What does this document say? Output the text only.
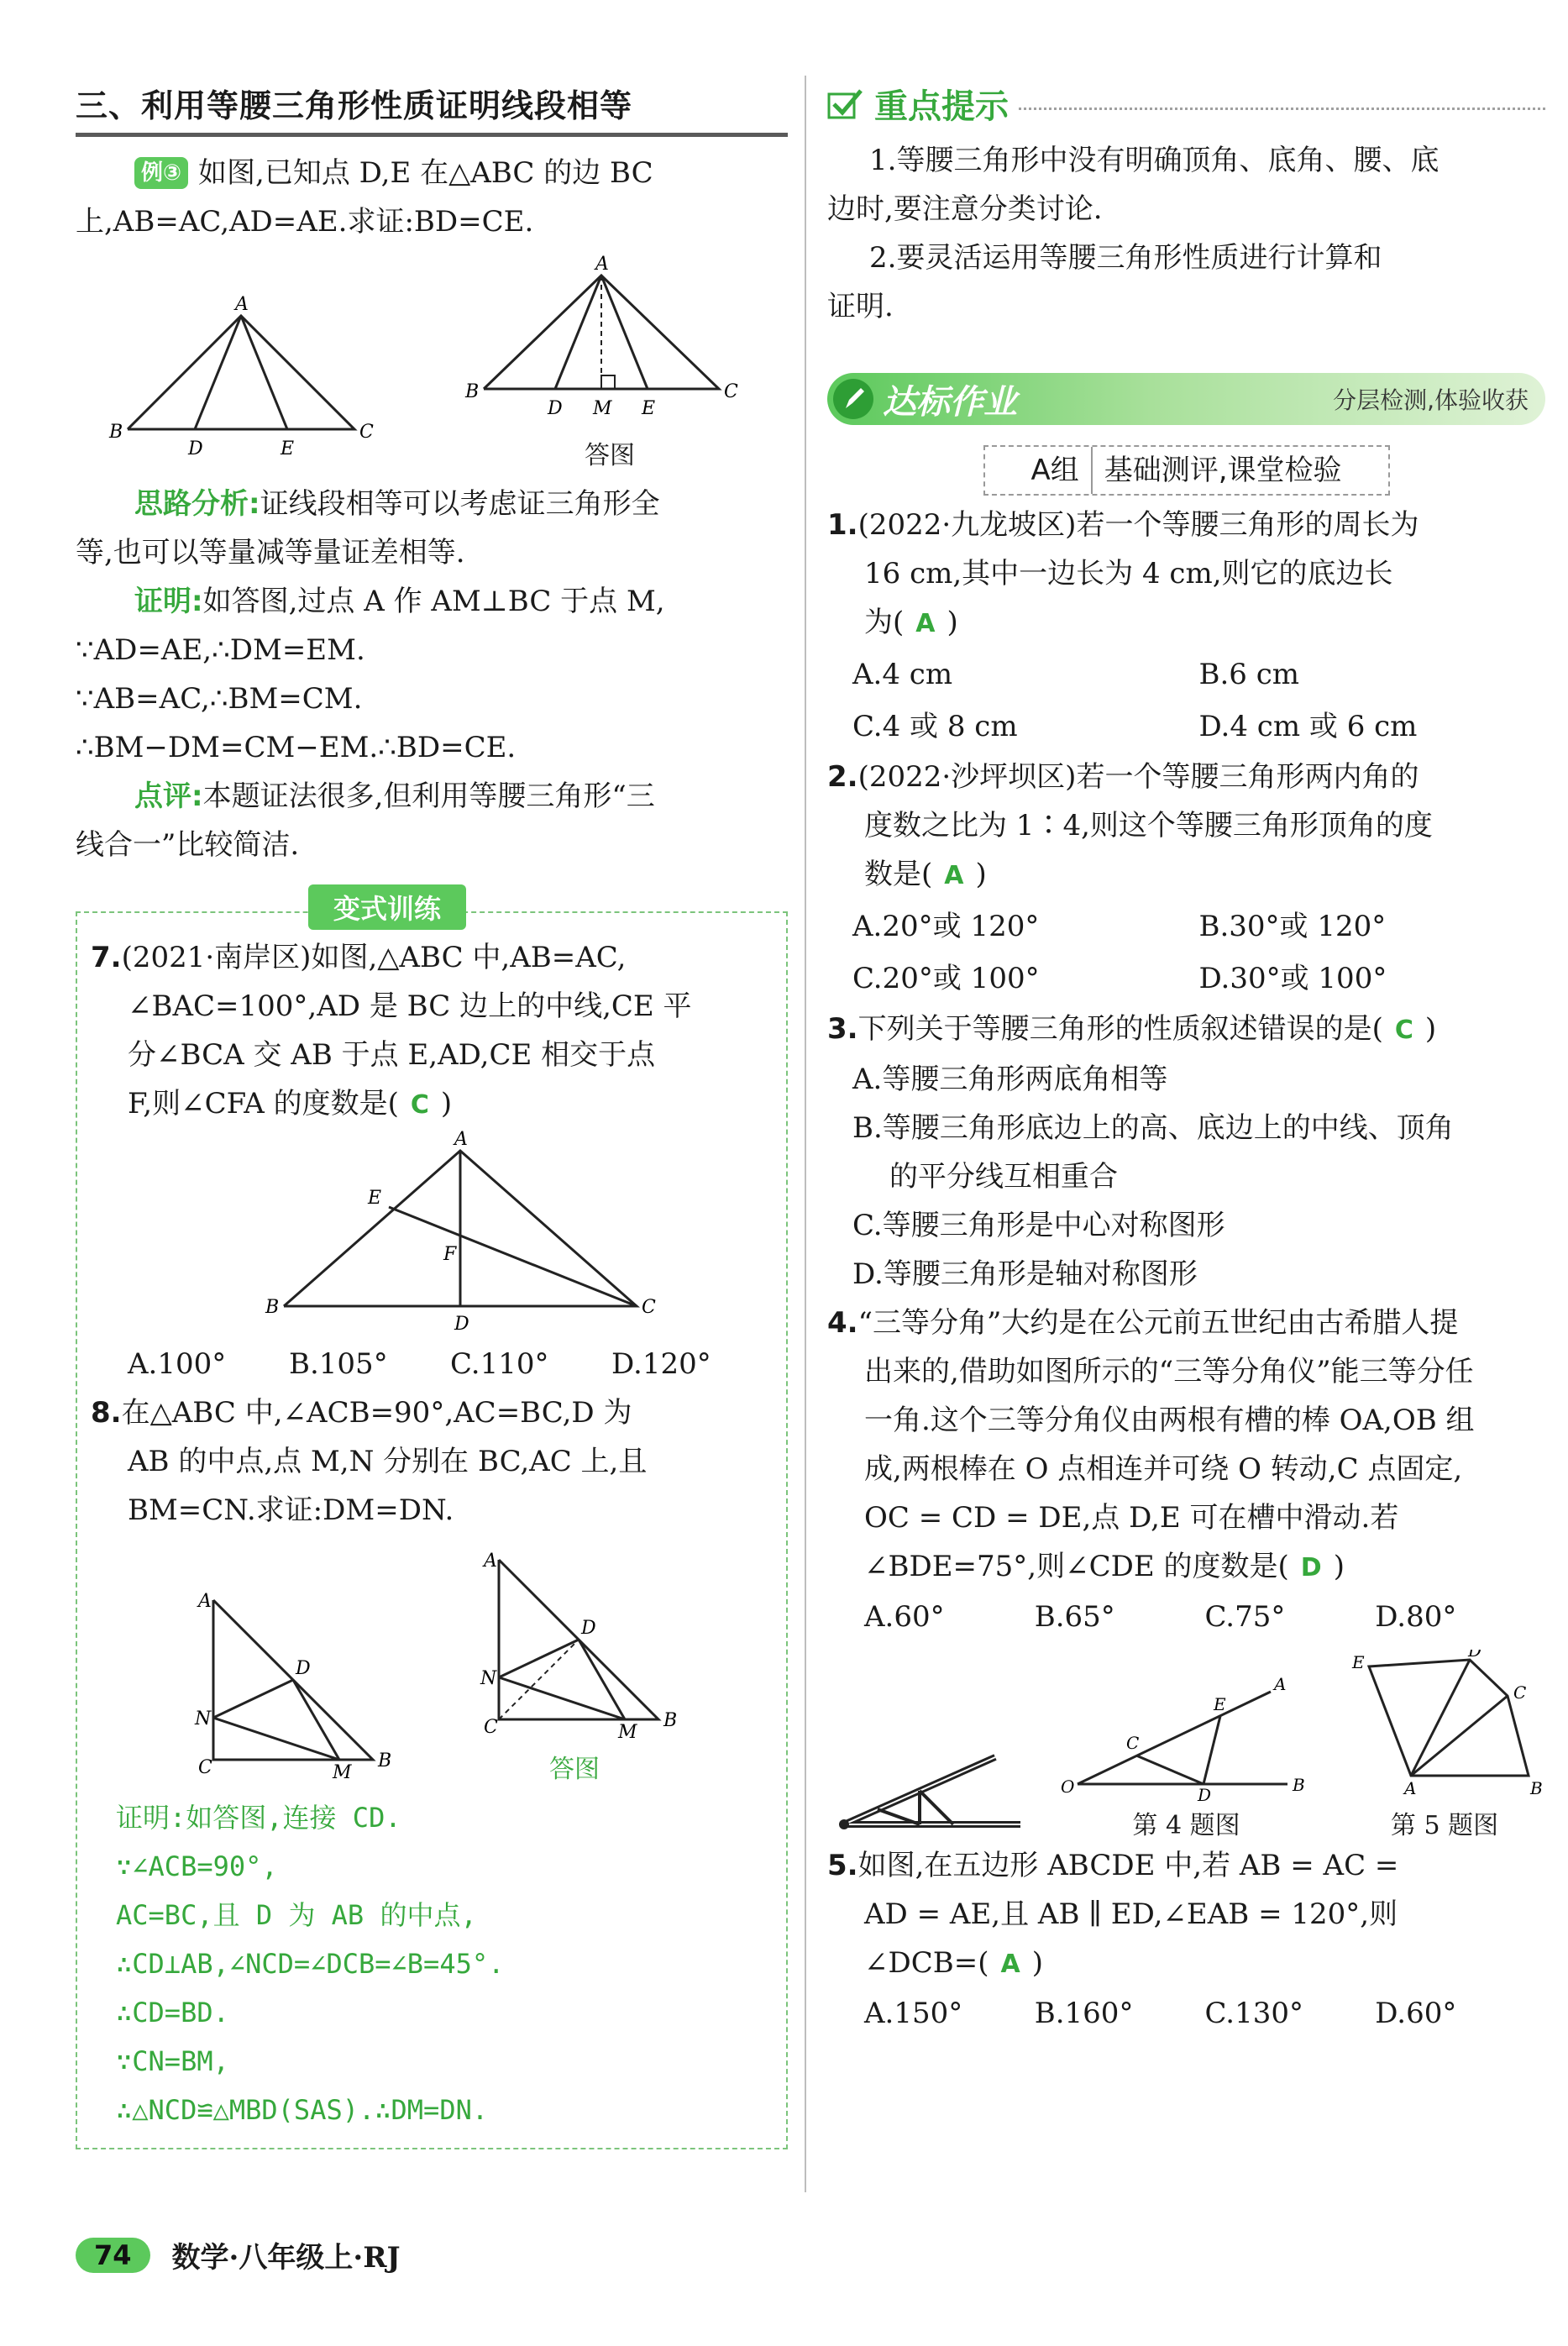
三、利用等腰三角形性质证明线段相等

例③ 如图,已知点 D,E 在△ABC 的边 BC

上,AB=AC,AD=AE.求证:BD=CE.

A
B
D	E
C
A
B
D M E
C
答图

思路分析:证线段相等可以考虑证三角形全

等,也可以等量减等量证差相等.

证明:如答图,过点 A 作 AM⊥BC 于点 M,

∵AD=AE,∴DM=EM.

∵AB=AC,∴BM=CM.

∴BM−DM=CM−EM.∴BD=CE.

点评:本题证法很多,但利用等腰三角形“三

线合一”比较简洁.

变式训练

7.(2021·南岸区)如图,△ABC 中,AB=AC,

∠BAC=100°,AD 是 BC 边上的中线,CE 平

分∠BCA 交 AB 于点 E,AD,CE 相交于点

F,则∠CFA 的度数是( C )

A
E
F
B
D
C
A.100°	B.105°	C.110°	D.120°

8.在△ABC 中,∠ACB=90°,AC=BC,D 为

AB 的中点,点 M,N 分别在 BC,AC 上,且

BM=CN.求证:DM=DN.

A
D
N
C	M
B
A
D
N
C	M
B
答图

证明:如答图,连接 CD.

∵∠ACB=90°,

AC=BC,且 D 为 AB 的中点,

∴CD⊥AB,∠NCD=∠DCB=∠B=45°.

∴CD=BD.

∵CN=BM,

∴△NCD≌△MBD(SAS).∴DM=DN.

重点提示

1.等腰三角形中没有明确顶角、底角、腰、底

边时,要注意分类讨论.

2.要灵活运用等腰三角形性质进行计算和

证明.

达标作业	分层检测,体验收获
A组 基础测评,课堂检验

1.(2022·九龙坡区)若一个等腰三角形的周长为

16 cm,其中一边长为 4 cm,则它的底边长

为( A )

A.4 cm	B.6 cm
C.4 或 8 cm	D.4 cm 或 6 cm

2.(2022·沙坪坝区)若一个等腰三角形两内角的

度数之比为 1∶4,则这个等腰三角形顶角的度

数是( A )

A.20°或 120°	B.30°或 120°
C.20°或 100°	D.30°或 100°

3.下列关于等腰三角形的性质叙述错误的是( C )

A.等腰三角形两底角相等

B.等腰三角形底边上的高、底边上的中线、顶角

的平分线互相重合

C.等腰三角形是中心对称图形

D.等腰三角形是轴对称图形

4.“三等分角”大约是在公元前五世纪由古希腊人提

出来的,借助如图所示的“三等分角仪”能三等分任

一角.这个三等分角仪由两根有槽的棒 OA,OB 组

成,两根棒在 O 点相连并可绕 O 转动,C 点固定,

OC = CD = DE,点 D,E 可在槽中滑动.若

∠BDE=75°,则∠CDE 的度数是( D )

A.60°	B.65°	C.75°	D.80°
O
C
D
E
A
B
第 4 题图
E
D
C
A	B
第 5 题图

5.如图,在五边形 ABCDE 中,若 AB = AC =

AD = AE,且 AB ∥ ED,∠EAB = 120°,则

∠DCB=( A )

A.150°	B.160°	C.130°	D.60°
74	数学·八年级上·RJ
